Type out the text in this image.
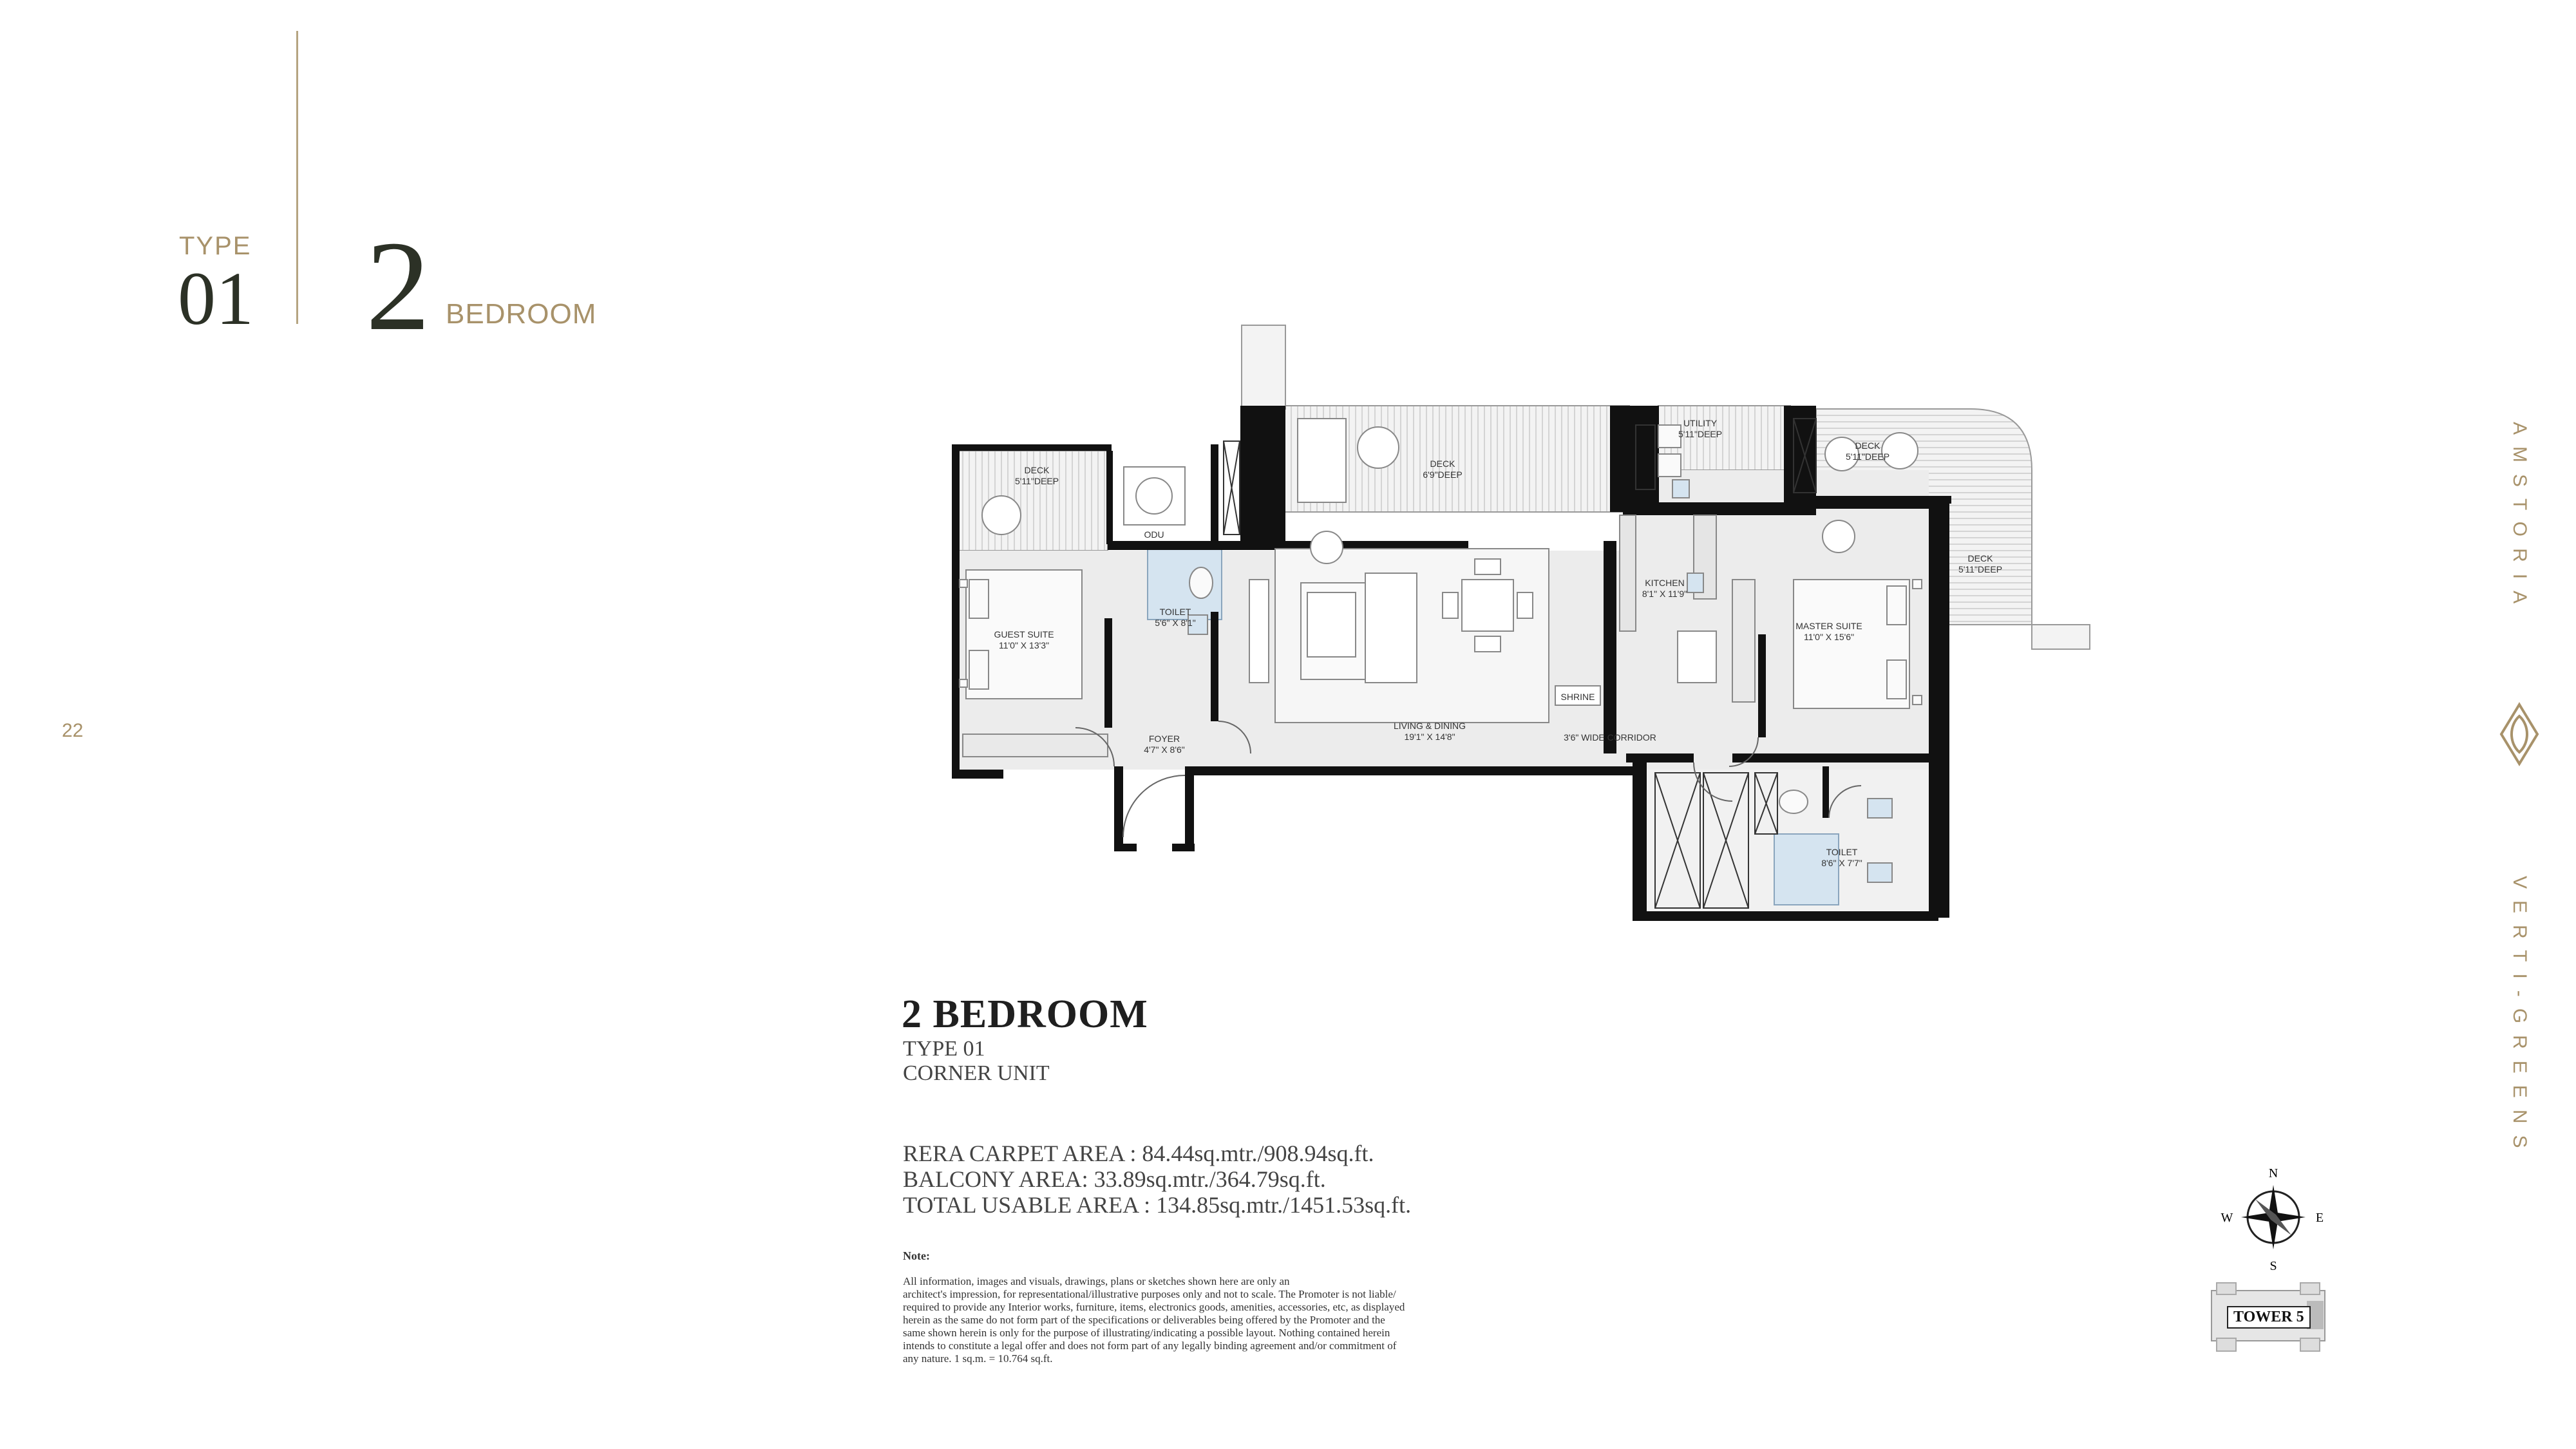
TYPE
01 2 BEDROOM
22
AMSTORIA
VERTI-GREENS
DECK
5'11"DEEP
ODU
DECK
6'9"DEEP
UTILITY
5'11"DEEP
DECK
5'11"DEEP
DECK
5'11"DEEP
GUEST SUITE
11'0" X 13'3"
TOILET
5'6" X 8'1"
KITCHEN
8'1" X 11'9"
MASTER SUITE
11'0" X 15'6"
SHRINE
FOYER
4'7" X 8'6"
LIVING & DINING
19'1" X 14'8"	3'6" WIDE CORRIDOR
TOILET
8'6" X 7'7"
2 BEDROOM
TYPE 01
CORNER UNIT
RERA CARPET AREA : 84.44sq.mtr./908.94sq.ft.
BALCONY AREA: 33.89sq.mtr./364.79sq.ft.
TOTAL USABLE AREA : 134.85sq.mtr./1451.53sq.ft.
Note:
All information, images and visuals, drawings, plans or sketches shown here are only an
architect's impression, for representational/illustrative purposes only and not to scale. The Promoter is not liable/
required to provide any Interior works, furniture, items, electronics goods, amenities, accessories, etc, as displayed
herein as the same do not form part of the specifications or deliverables being offered by the Promoter and the
same shown herein is only for the purpose of illustrating/indicating a possible layout. Nothing contained herein
intends to constitute a legal offer and does not form part of any legally binding agreement and/or commitment of
any nature. 1 sq.m. = 10.764 sq.ft.
N
S
E
W
TOWER 5
